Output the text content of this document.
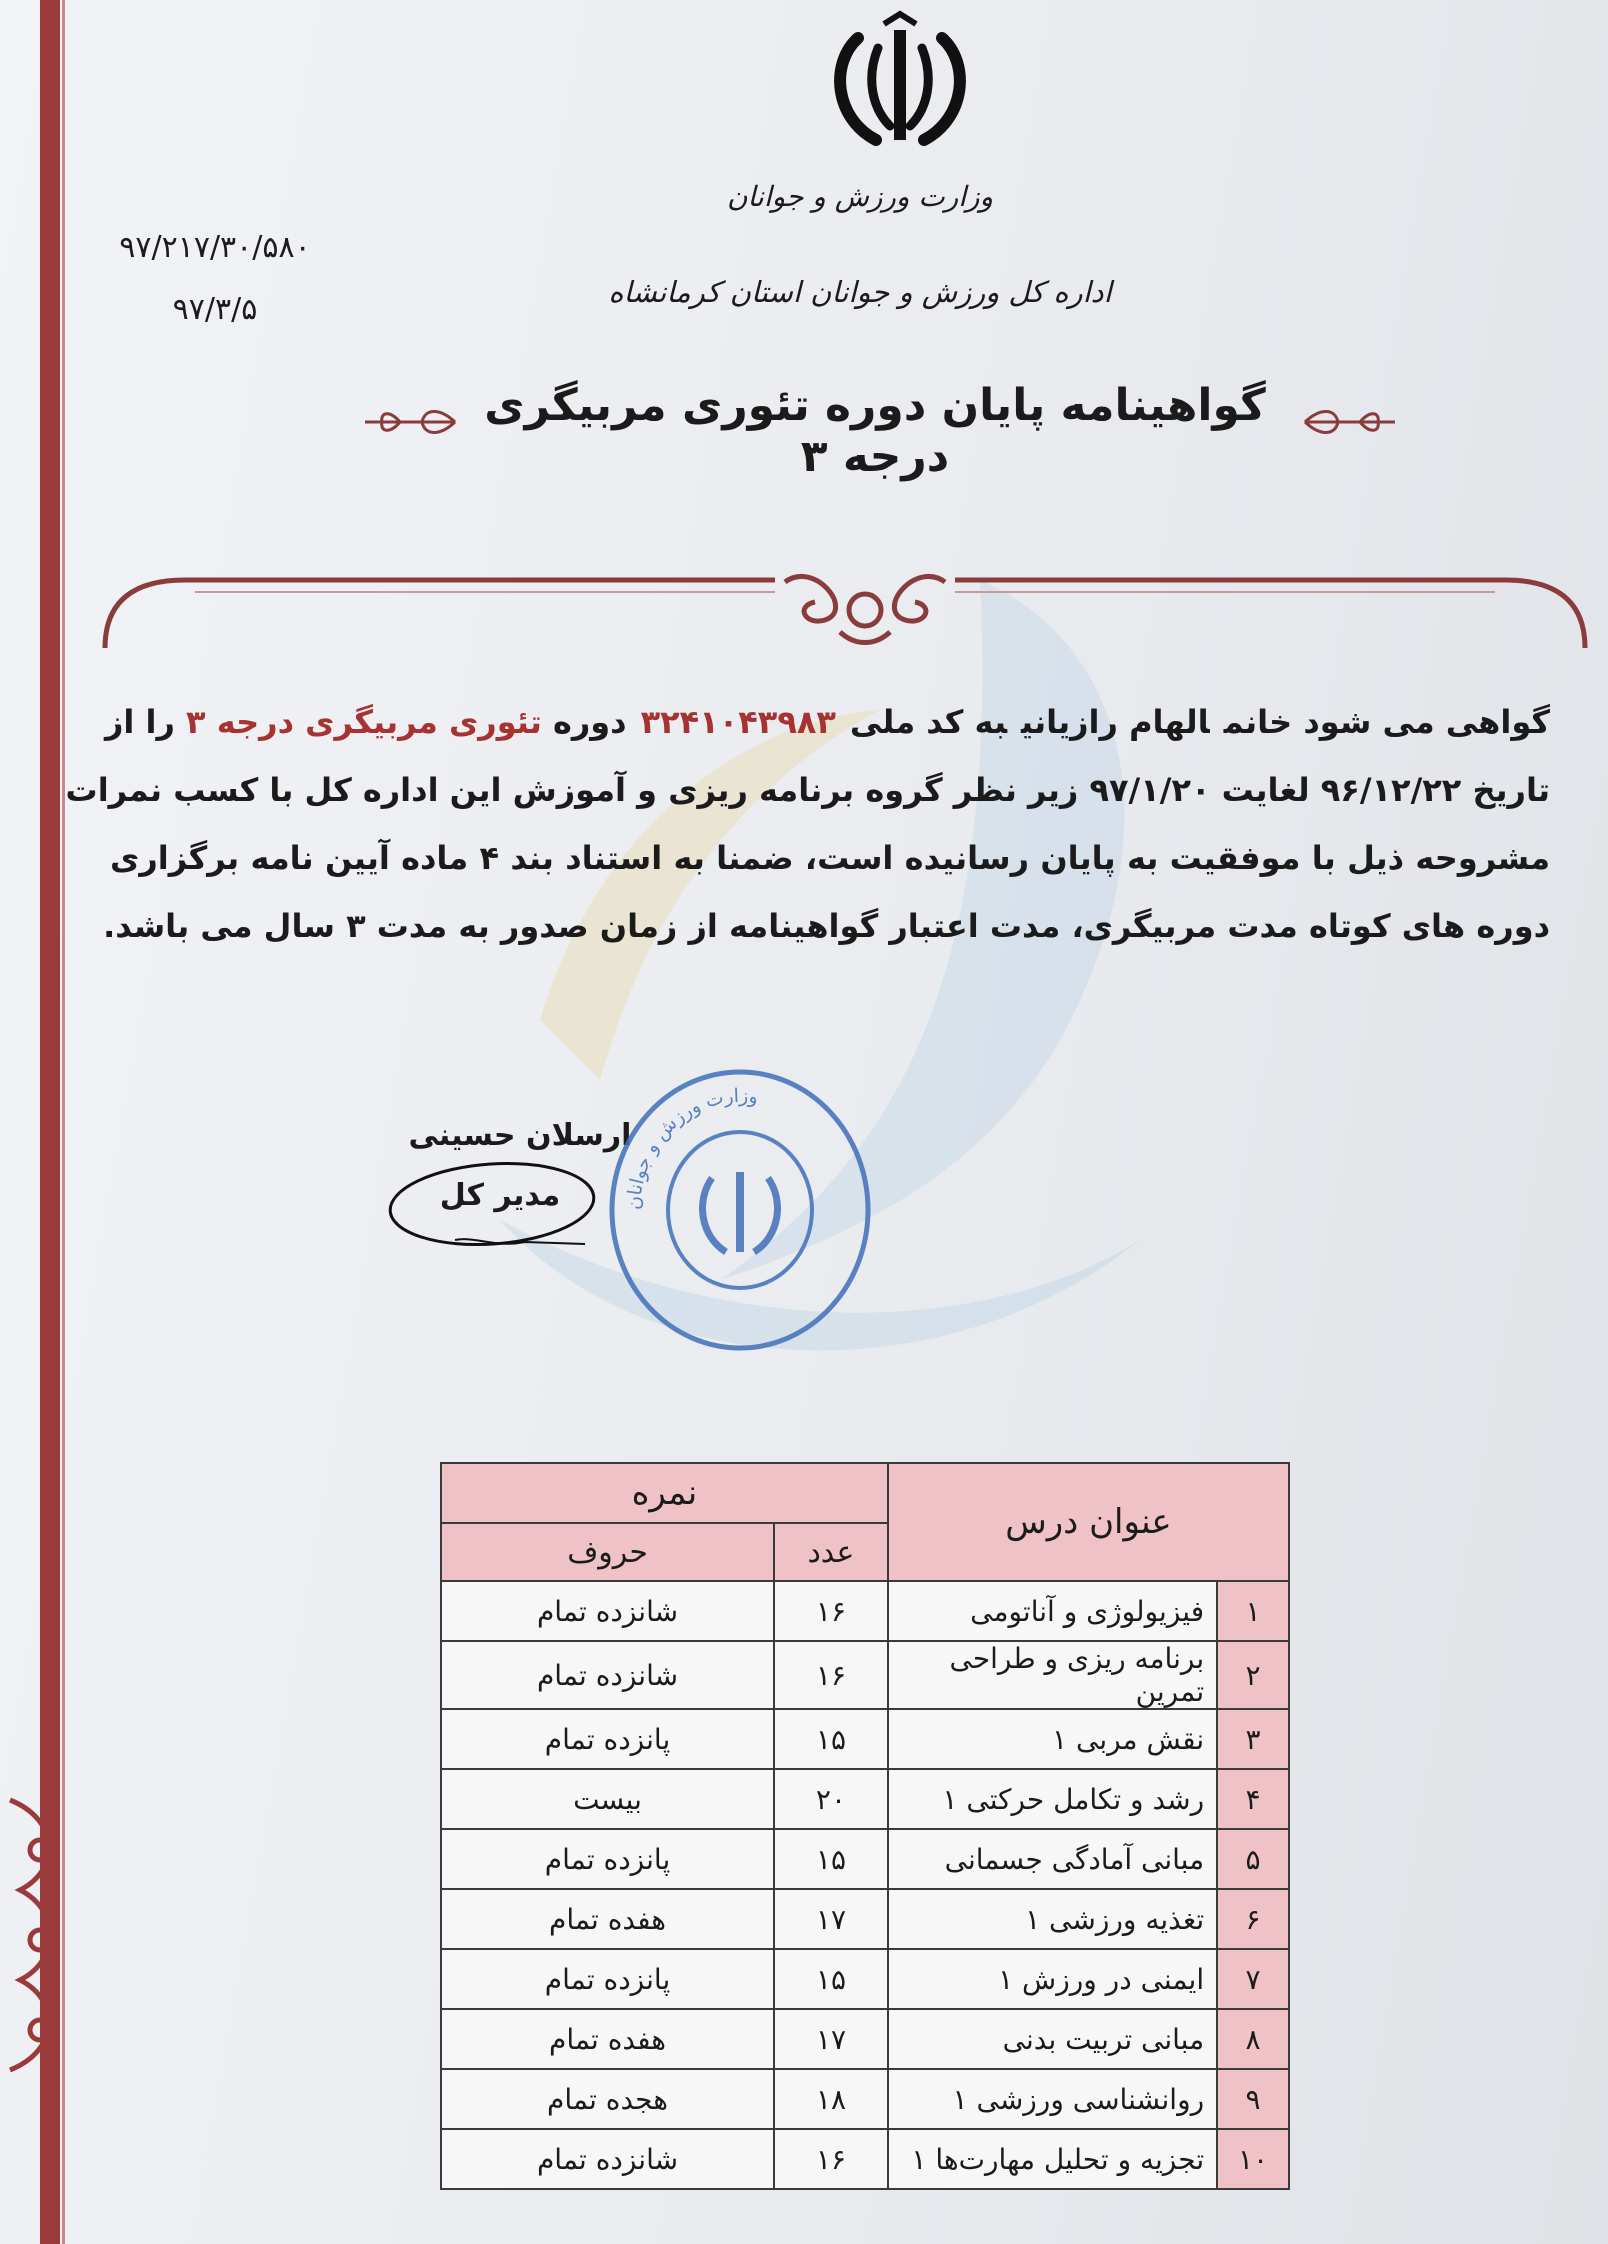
وزارت ورزش و جوانان
اداره کل ورزش و جوانان استان کرمانشاه
۹۷/۲۱۷/۳۰/۵۸۰
۹۷/۳/۵
گواهینامه پایان دوره تئوری مربیگری درجه ۳
گواهی می شود خانمالهام رازیانیبه کد ملی۳۲۴۱۰۴۳۹۸۳دوره تئوری مربیگری درجه ۳ را از
تاریخ ۹۶/۱۲/۲۲ لغایت ۹۷/۱/۲۰ زیر نظر گروه برنامه ریزی و آموزش این اداره کل با کسب نمرات
مشروحه ذیل با موفقیت به پایان رسانیده است، ضمنا به استناد بند ۴ ماده آیین نامه برگزاری
دوره های کوتاه مدت مربیگری، مدت اعتبار گواهینامه از زمان صدور به مدت ۳ سال می باشد.
ارسلان حسینی
مدیر کل	وزارت ورزش و جوانان
عنوان درس		نمره	
		عدد	حروف
۱	فیزیولوژی و آناتومی	۱۶	شانزده تمام
۲	برنامه ریزی و طراحی تمرین	۱۶	شانزده تمام
۳	نقش مربی ۱	۱۵	پانزده تمام
۴	رشد و تکامل حرکتی ۱	۲۰	بیست
۵	مبانی آمادگی جسمانی	۱۵	پانزده تمام
۶	تغذیه ورزشی ۱	۱۷	هفده تمام
۷	ایمنی در ورزش ۱	۱۵	پانزده تمام
۸	مبانی تربیت بدنی	۱۷	هفده تمام
۹	روانشناسی ورزشی ۱	۱۸	هجده تمام
۱۰	تجزیه و تحلیل مهارت‌ها ۱	۱۶	شانزده تمام
